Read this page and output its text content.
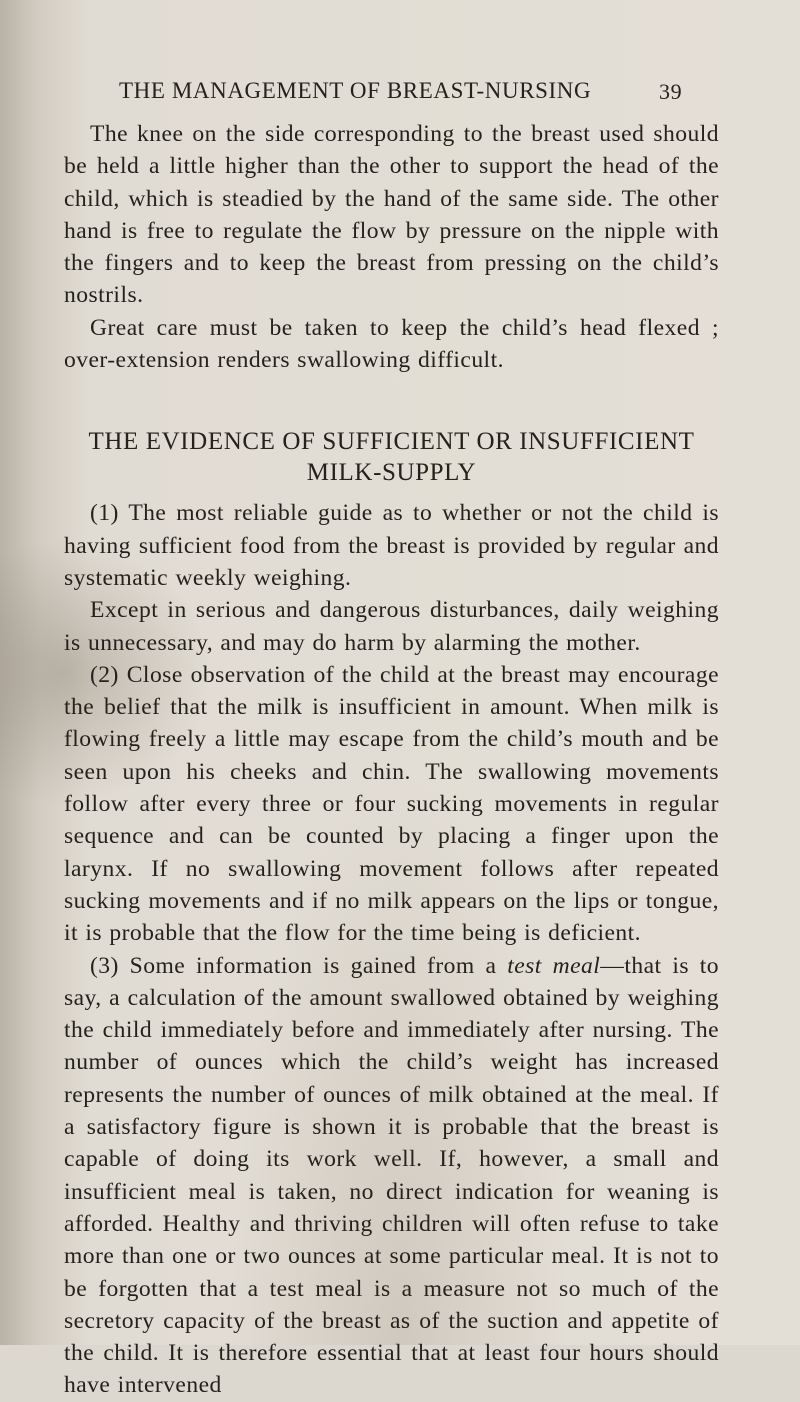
THE MANAGEMENT OF BREAST-NURSING	39

The knee on the side corresponding to the breast used should be held a little higher than the other to support the head of the child, which is steadied by the hand of the same side. The other hand is free to regulate the flow by pressure on the nipple with the fingers and to keep the breast from pressing on the child’s nostrils.

Great care must be taken to keep the child’s head flexed ; over-extension renders swallowing difficult.

THE EVIDENCE OF SUFFICIENT OR INSUFFICIENT
MILK-SUPPLY

(1) The most reliable guide as to whether or not the child is having sufficient food from the breast is provided by regular and systematic weekly weighing.

Except in serious and dangerous disturbances, daily weighing is unnecessary, and may do harm by alarming the mother.

(2) Close observation of the child at the breast may encourage the belief that the milk is insufficient in amount. When milk is flowing freely a little may escape from the child’s mouth and be seen upon his cheeks and chin. The swallowing movements follow after every three or four sucking movements in regular sequence and can be counted by placing a finger upon the larynx. If no swallowing movement follows after repeated sucking movements and if no milk appears on the lips or tongue, it is probable that the flow for the time being is deficient.

(3) Some information is gained from a test meal—that is to say, a calculation of the amount swallowed obtained by weighing the child immediately before and immediately after nursing. The number of ounces which the child’s weight has increased represents the number of ounces of milk obtained at the meal. If a satisfactory figure is shown it is probable that the breast is capable of doing its work well. If, however, a small and insufficient meal is taken, no direct indication for weaning is afforded. Healthy and thriving children will often refuse to take more than one or two ounces at some particular meal. It is not to be forgotten that a test meal is a measure not so much of the secretory capacity of the breast as of the suction and appetite of the child. It is therefore essential that at least four hours should have intervened
